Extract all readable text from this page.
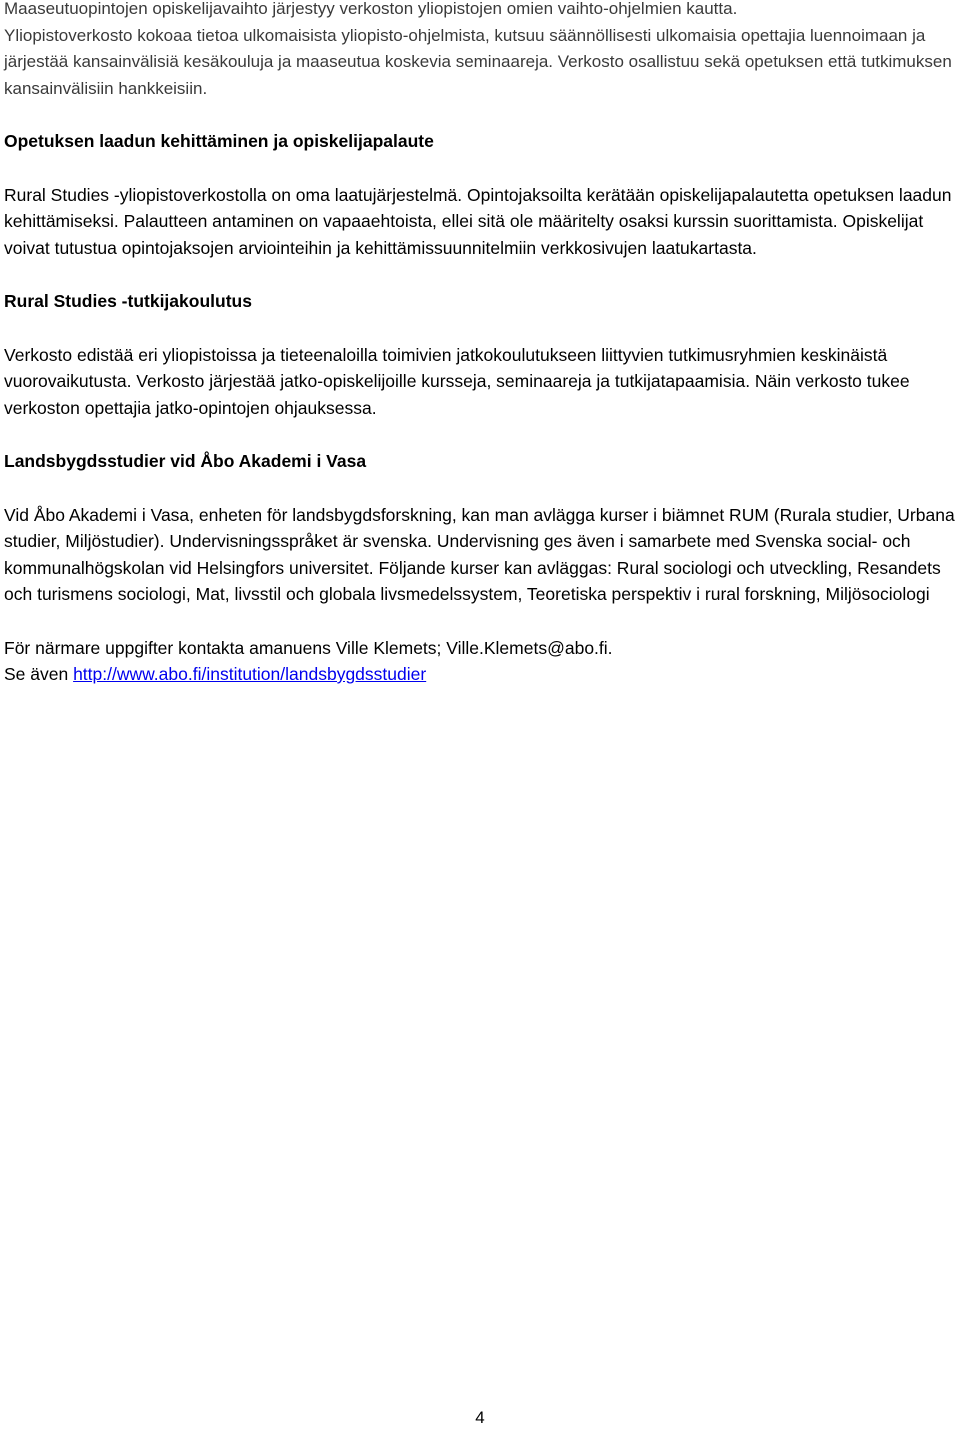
Maaseutuopintojen opiskelijavaihto järjestyy verkoston yliopistojen omien vaihto-ohjelmien kautta.

Yliopistoverkosto kokoaa tietoa ulkomaisista yliopisto-ohjelmista, kutsuu säännöllisesti ulkomaisia opettajia luennoimaan ja järjestää kansainvälisiä kesäkouluja ja maaseutua koskevia seminaareja. Verkosto osallistuu sekä opetuksen että tutkimuksen kansainvälisiin hankkeisiin.

Opetuksen laadun kehittäminen ja opiskelijapalaute

Rural Studies -yliopistoverkostolla on oma laatujärjestelmä. Opintojaksoilta kerätään opiskelijapalautetta opetuksen laadun kehittämiseksi. Palautteen antaminen on vapaaehtoista, ellei sitä ole määritelty osaksi kurssin suorittamista. Opiskelijat voivat tutustua opintojaksojen arviointeihin ja kehittämissuunnitelmiin verkkosivujen laatukartasta.

Rural Studies -tutkijakoulutus

Verkosto edistää eri yliopistoissa ja tieteenaloilla toimivien jatkokoulutukseen liittyvien tutkimusryhmien keskinäistä vuorovaikutusta. Verkosto järjestää jatko-opiskelijoille kursseja, seminaareja ja tutkijatapaamisia. Näin verkosto tukee verkoston opettajia jatko-opintojen ohjauksessa.

Landsbygdsstudier vid Åbo Akademi i Vasa

Vid Åbo Akademi i Vasa, enheten för landsbygdsforskning, kan man avlägga kurser i biämnet RUM (Rurala studier, Urbana studier, Miljöstudier). Undervisningsspråket är svenska. Undervisning ges även i samarbete med Svenska social- och kommunalhögskolan vid Helsingfors universitet. Följande kurser kan avläggas: Rural sociologi och utveckling, Resandets och turismens sociologi, Mat, livsstil och globala livsmedelssystem, Teoretiska perspektiv i rural forskning, Miljösociologi

För närmare uppgifter kontakta amanuens Ville Klemets; Ville.Klemets@abo.fi.

Se även http://www.abo.fi/institution/landsbygdsstudier

4
